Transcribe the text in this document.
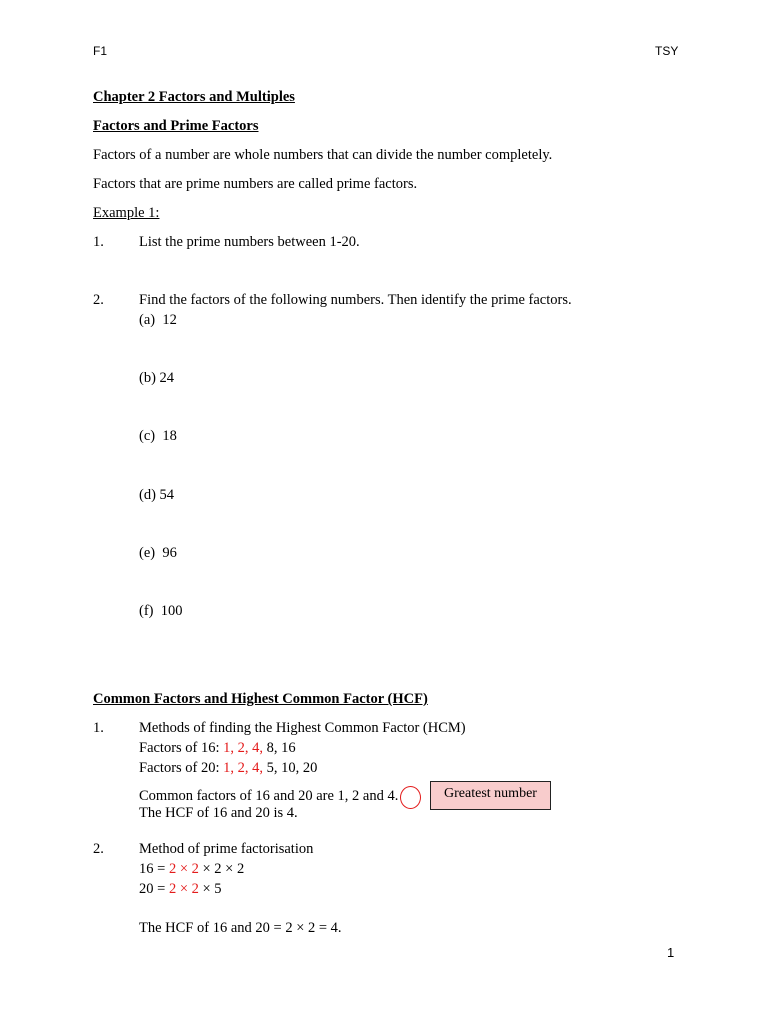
F1	TSY
Chapter 2 Factors and Multiples
Factors and Prime Factors
Factors of a number are whole numbers that can divide the number completely.
Factors that are prime numbers are called prime factors.
Example 1:
1. List the prime numbers between 1-20.
2. Find the factors of the following numbers. Then identify the prime factors.
(a) 12
(b) 24
(c) 18
(d) 54
(e) 96
(f) 100
Common Factors and Highest Common Factor (HCF)
1. Methods of finding the Highest Common Factor (HCM)
Factors of 16: 1, 2, 4, 8, 16
Factors of 20: 1, 2, 4, 5, 10, 20
Common factors of 16 and 20 are 1, 2 and 4.	Greatest number
The HCF of 16 and 20 is 4.
2. Method of prime factorisation
16 = 2 × 2 × 2 × 2
20 = 2 × 2 × 5
The HCF of 16 and 20 = 2 × 2 = 4.
1
